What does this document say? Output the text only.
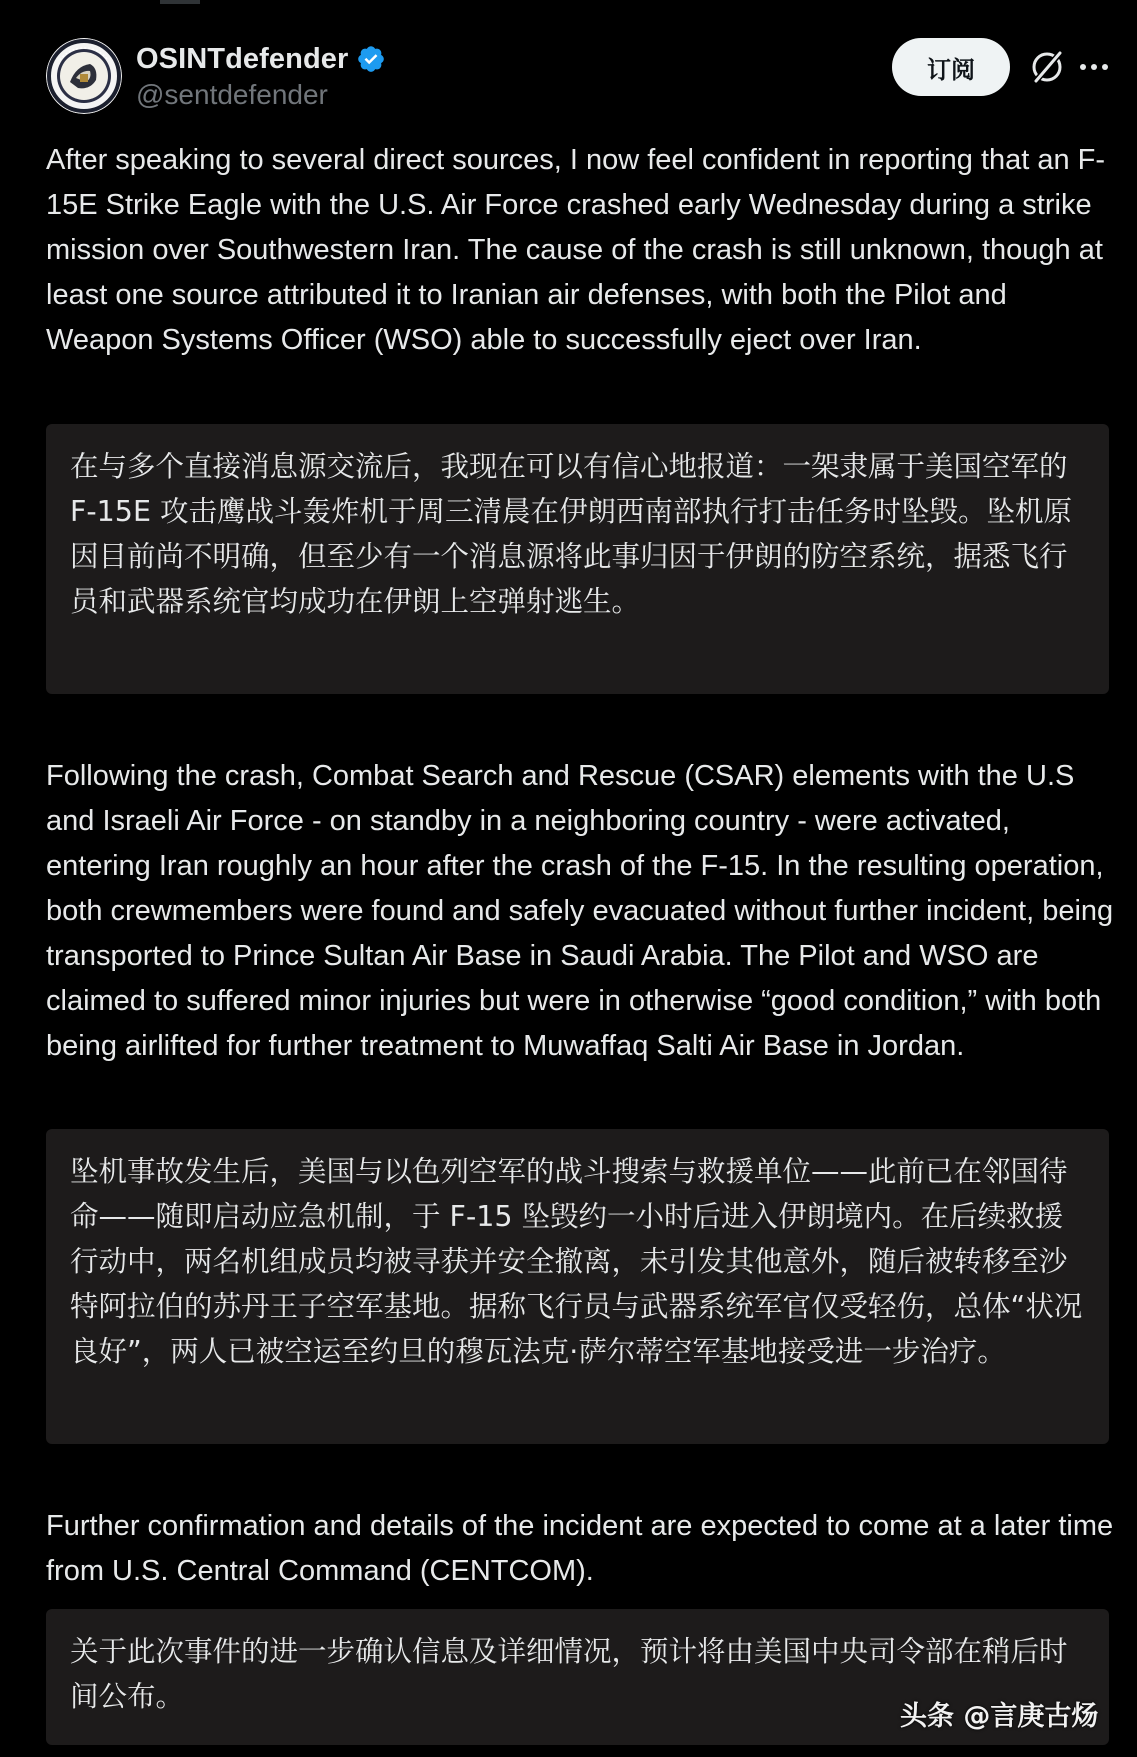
OSINTdefender
@sentdefender
订阅

After speaking to several direct sources, I now feel confident in reporting that an F-15E Strike Eagle with the U.S. Air Force crashed early Wednesday during a strike mission over Southwestern Iran. The cause of the crash is still unknown, though at least one source attributed it to Iranian air defenses, with both the Pilot and Weapon Systems Officer (WSO) able to successfully eject over Iran.

在与多个直接消息源交流后，我现在可以有信心地报道：一架隶属于美国空军的 F-15E 攻击鹰战斗轰炸机于周三清晨在伊朗西南部执行打击任务时坠毁。坠机原因目前尚不明确，但至少有一个消息源将此事归因于伊朗的防空系统，据悉飞行员和武器系统官均成功在伊朗上空弹射逃生。

Following the crash, Combat Search and Rescue (CSAR) elements with the U.S and Israeli Air Force - on standby in a neighboring country - were activated, entering Iran roughly an hour after the crash of the F-15. In the resulting operation, both crewmembers were found and safely evacuated without further incident, being transported to Prince Sultan Air Base in Saudi Arabia. The Pilot and WSO are claimed to suffered minor injuries but were in otherwise “good condition,” with both being airlifted for further treatment to Muwaffaq Salti Air Base in Jordan.

坠机事故发生后，美国与以色列空军的战斗搜索与救援单位——此前已在邻国待命——随即启动应急机制，于 F-15 坠毁约一小时后进入伊朗境内。在后续救援行动中，两名机组成员均被寻获并安全撤离，未引发其他意外，随后被转移至沙特阿拉伯的苏丹王子空军基地。据称飞行员与武器系统军官仅受轻伤，总体“状况良好”，两人已被空运至约旦的穆瓦法克·萨尔蒂空军基地接受进一步治疗。

Further confirmation and details of the incident are expected to come at a later time from U.S. Central Command (CENTCOM).

关于此次事件的进一步确认信息及详细情况，预计将由美国中央司令部在稍后时间公布。

头条 @言庚古炀
